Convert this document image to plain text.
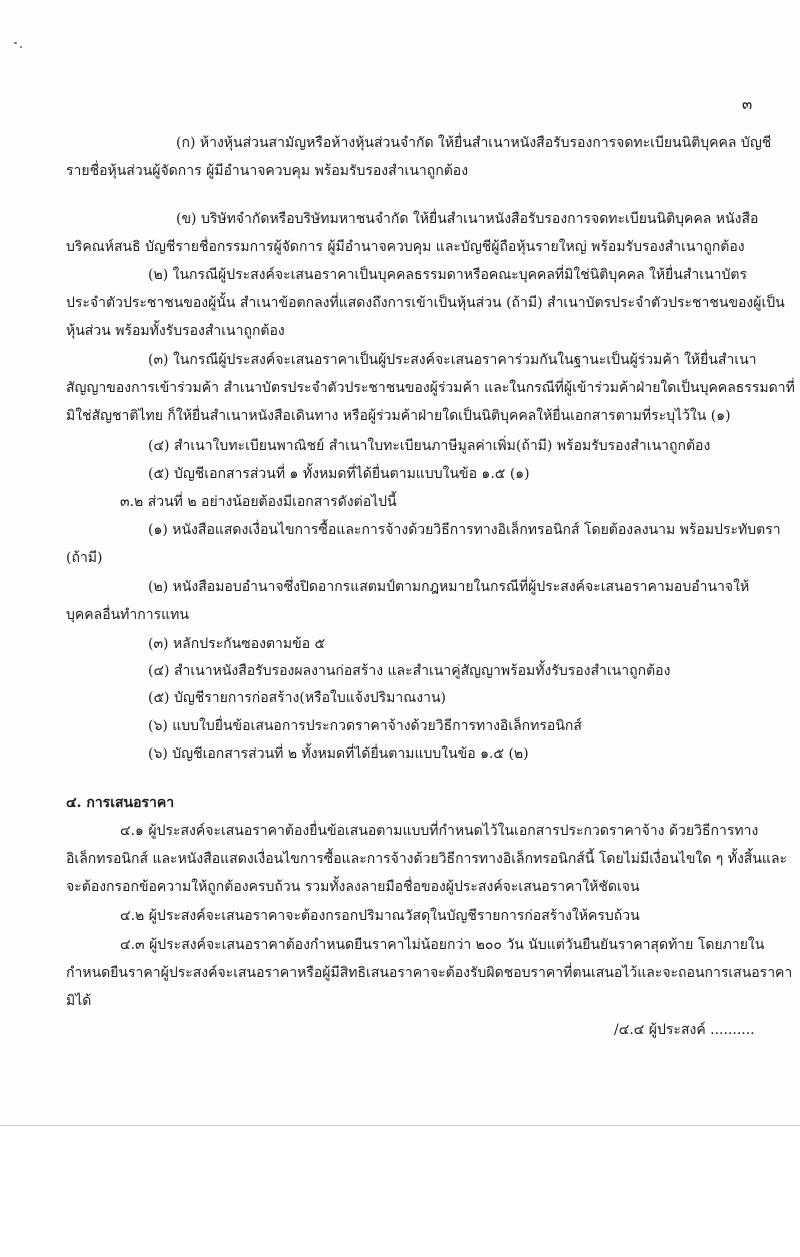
๓
(ก) ห้างหุ้นส่วนสามัญหรือห้างหุ้นส่วนจำกัด ให้ยื่นสำเนาหนังสือรับรองการจดทะเบียนนิติบุคคล บัญชี
รายชื่อหุ้นส่วนผู้จัดการ ผู้มีอำนาจควบคุม พร้อมรับรองสำเนาถูกต้อง
(ข) บริษัทจำกัดหรือบริษัทมหาชนจำกัด ให้ยื่นสำเนาหนังสือรับรองการจดทะเบียนนิติบุคคล หนังสือ
บริคณห์สนธิ บัญชีรายชื่อกรรมการผู้จัดการ ผู้มีอำนาจควบคุม และบัญชีผู้ถือหุ้นรายใหญ่ พร้อมรับรองสำเนาถูกต้อง
(๒) ในกรณีผู้ประสงค์จะเสนอราคาเป็นบุคคลธรรมดาหรือคณะบุคคลที่มิใช่นิติบุคคล ให้ยื่นสำเนาบัตร
ประจำตัวประชาชนของผู้นั้น สำเนาข้อตกลงที่แสดงถึงการเข้าเป็นหุ้นส่วน (ถ้ามี) สำเนาบัตรประจำตัวประชาชนของผู้เป็น
หุ้นส่วน พร้อมทั้งรับรองสำเนาถูกต้อง
(๓) ในกรณีผู้ประสงค์จะเสนอราคาเป็นผู้ประสงค์จะเสนอราคาร่วมกันในฐานะเป็นผู้ร่วมค้า ให้ยื่นสำเนา
สัญญาของการเข้าร่วมค้า สำเนาบัตรประจำตัวประชาชนของผู้ร่วมค้า และในกรณีที่ผู้เข้าร่วมค้าฝ่ายใดเป็นบุคคลธรรมดาที่
มิใช่สัญชาติไทย ก็ให้ยื่นสำเนาหนังสือเดินทาง หรือผู้ร่วมค้าฝ่ายใดเป็นนิติบุคคลให้ยื่นเอกสารตามที่ระบุไว้ใน (๑)
(๔) สำเนาใบทะเบียนพาณิชย์ สำเนาใบทะเบียนภาษีมูลค่าเพิ่ม(ถ้ามี) พร้อมรับรองสำเนาถูกต้อง
(๕) บัญชีเอกสารส่วนที่ ๑ ทั้งหมดที่ได้ยื่นตามแบบในข้อ ๑.๕ (๑)
๓.๒ ส่วนที่ ๒ อย่างน้อยต้องมีเอกสารดังต่อไปนี้
(๑) หนังสือแสดงเงื่อนไขการซื้อและการจ้างด้วยวิธีการทางอิเล็กทรอนิกส์ โดยต้องลงนาม พร้อมประทับตรา
(ถ้ามี)
(๒) หนังสือมอบอำนาจซึ่งปิดอากรแสตมป์ตามกฎหมายในกรณีที่ผู้ประสงค์จะเสนอราคามอบอำนาจให้
บุคคลอื่นทำการแทน
(๓) หลักประกันซองตามข้อ ๕
(๔) สำเนาหนังสือรับรองผลงานก่อสร้าง และสำเนาคู่สัญญาพร้อมทั้งรับรองสำเนาถูกต้อง
(๕) บัญชีรายการก่อสร้าง(หรือใบแจ้งปริมาณงาน)
(๖) แบบใบยื่นข้อเสนอการประกวดราคาจ้างด้วยวิธีการทางอิเล็กทรอนิกส์
(๖) บัญชีเอกสารส่วนที่ ๒ ทั้งหมดที่ได้ยื่นตามแบบในข้อ ๑.๕ (๒)
๔. การเสนอราคา
๔.๑ ผู้ประสงค์จะเสนอราคาต้องยื่นข้อเสนอตามแบบที่กำหนดไว้ในเอกสารประกวดราคาจ้าง ด้วยวิธีการทาง
อิเล็กทรอนิกส์ และหนังสือแสดงเงื่อนไขการซื้อและการจ้างด้วยวิธีการทางอิเล็กทรอนิกส์นี้ โดยไม่มีเงื่อนไขใด ๆ ทั้งสิ้นและ
จะต้องกรอกข้อความให้ถูกต้องครบถ้วน รวมทั้งลงลายมือชื่อของผู้ประสงค์จะเสนอราคาให้ชัดเจน
๔.๒ ผู้ประสงค์จะเสนอราคาจะต้องกรอกปริมาณวัสดุในบัญชีรายการก่อสร้างให้ครบถ้วน
๔.๓ ผู้ประสงค์จะเสนอราคาต้องกำหนดยืนราคาไม่น้อยกว่า ๒๐๐ วัน นับแต่วันยืนยันราคาสุดท้าย โดยภายใน
กำหนดยืนราคาผู้ประสงค์จะเสนอราคาหรือผู้มีสิทธิเสนอราคาจะต้องรับผิดชอบราคาที่ตนเสนอไว้และจะถอนการเสนอราคา
มิได้
/๔.๔ ผู้ประสงค์ ..........
